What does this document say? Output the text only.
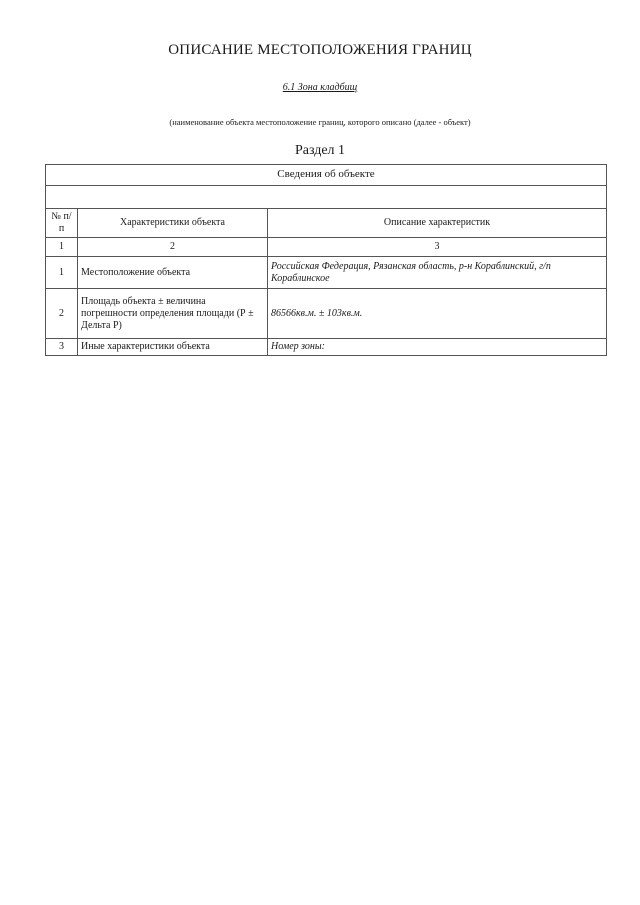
ОПИСАНИЕ МЕСТОПОЛОЖЕНИЯ ГРАНИЦ
6.1 Зона кладбищ
(наименование объекта местоположение границ, которого описано (далее - объект)
Раздел 1
Сведения об объекте		

№ п/п	Характеристики объекта	Описание характеристик
1	2	3
1	Местоположение объекта	Российская Федерация, Рязанская область, р-н Кораблинский, г/п Кораблинское
2	Площадь объекта ± величина погрешности определения площади (Р ± Дельта Р)	86566кв.м. ± 103кв.м.
3	Иные характеристики объекта	Номер зоны:
